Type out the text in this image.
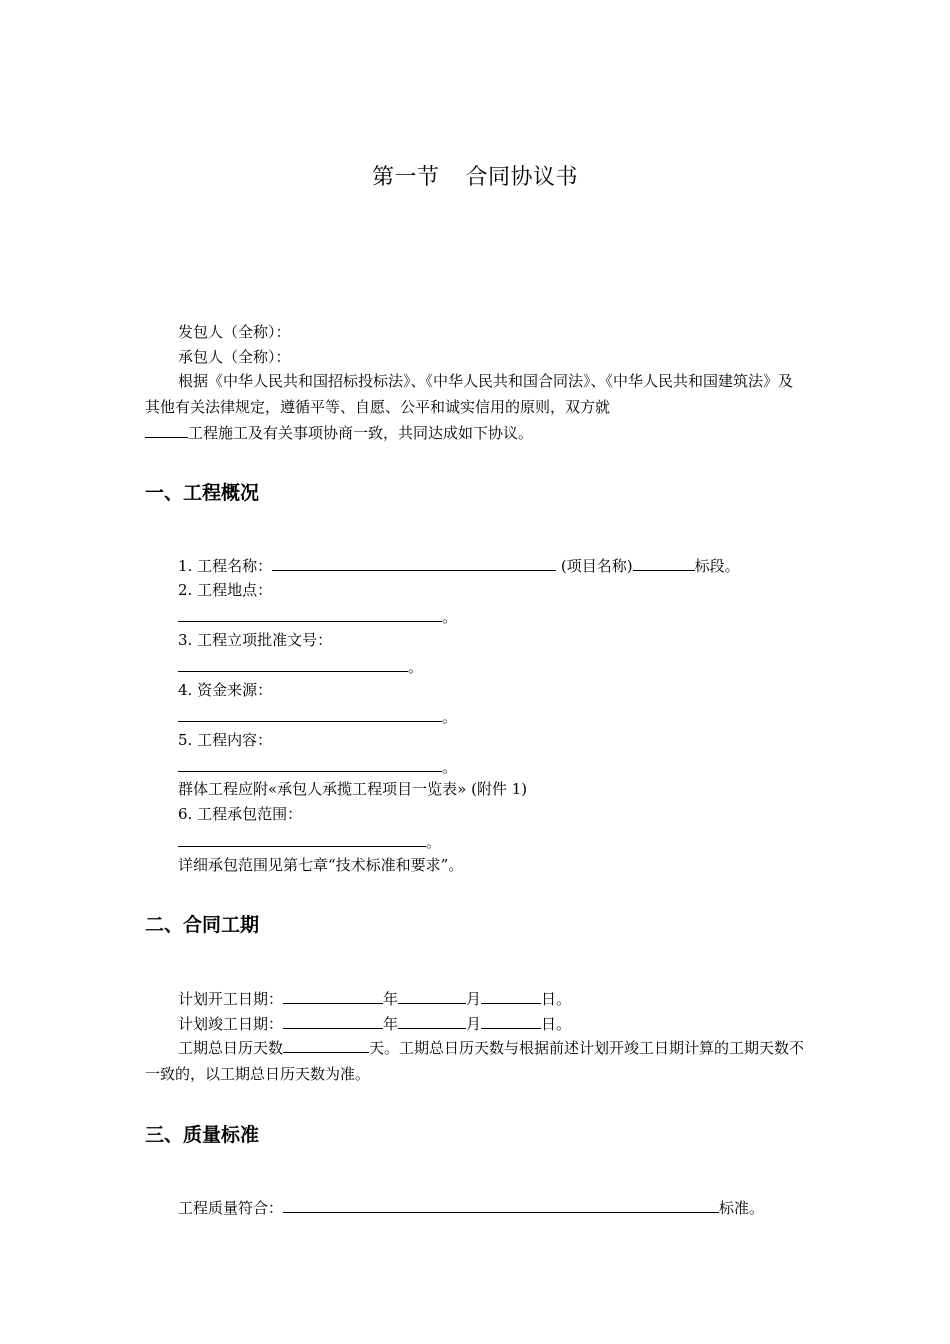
第一节 合同协议书
发包人（全称）：
承包人（全称）：
根据《中华人民共和国招标投标法》、《中华人民共和国合同法》、《中华人民共和国建筑法》及其他有关法律规定，遵循平等、自愿、公平和诚实信用的原则，双方就
工程施工及有关事项协商一致，共同达成如下协议。
一、工程概况
1. 工程名称：	(项目名称)	标段。
2. 工程地点：
。
3. 工程立项批准文号：
。
4. 资金来源：
。
5. 工程内容：
。
群体工程应附«承包人承揽工程项目一览表» (附件 1)
6. 工程承包范围：
。
详细承包范围见第七章“技术标准和要求”。
二、合同工期
计划开工日期：	年	月	日。
计划竣工日期：	年	月	日。
工期总日历天数	天。工期总日历天数与根据前述计划开竣工日期计算的工期天数不一致的，以工期总日历天数为准。
三、质量标准
工程质量符合：	标准。
